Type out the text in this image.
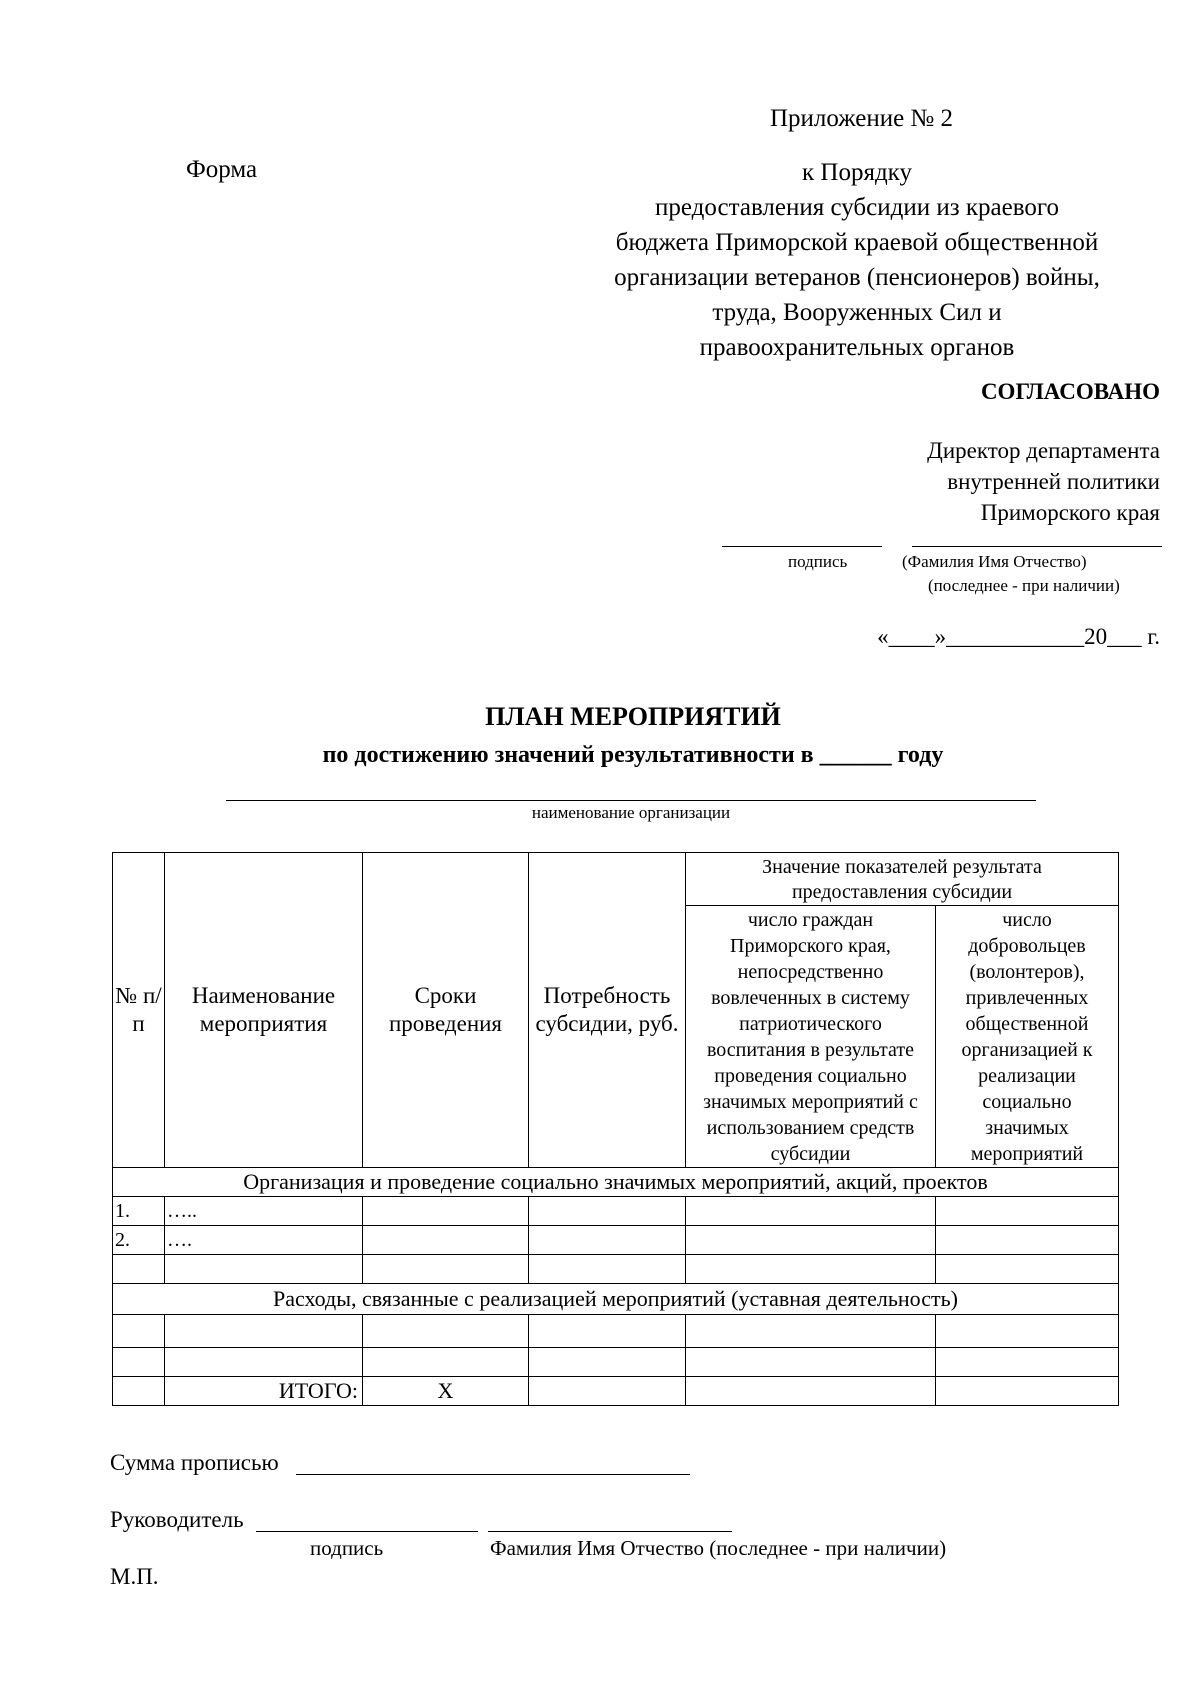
Приложение № 2
Форма	к Порядку
предоставления субсидии из краевого
бюджета Приморской краевой общественной
организации ветеранов (пенсионеров) войны,
труда, Вооруженных Сил и
правоохранительных органов
СОГЛАСОВАНО
Директор департамента
внутренней политики
Приморского края
подпись	(Фамилия Имя Отчество)
(последнее - при наличии)
«____»____________20___ г.
ПЛАН МЕРОПРИЯТИЙ
по достижению значений результативности в ______ году
наименование организации
№ п/п	Наименование мероприятия	Сроки проведения	Потребность субсидии, руб.	Значение показателей результата предоставления субсидии	
				число граждан Приморского края, непосредственно вовлеченных в систему патриотического воспитания в результате проведения социально значимых мероприятий с использованием средств субсидии	число добровольцев (волонтеров), привлеченных общественной организацией к реализации социально значимых мероприятий
Организация и проведение социально значимых мероприятий, акций, проектов					
1.	…..				
2.	….				

Расходы, связанные с реализацией мероприятий (уставная деятельность)					

	ИТОГО:	Х			
Сумма прописью
Руководитель
подпись	Фамилия Имя Отчество (последнее - при наличии)
М.П.
